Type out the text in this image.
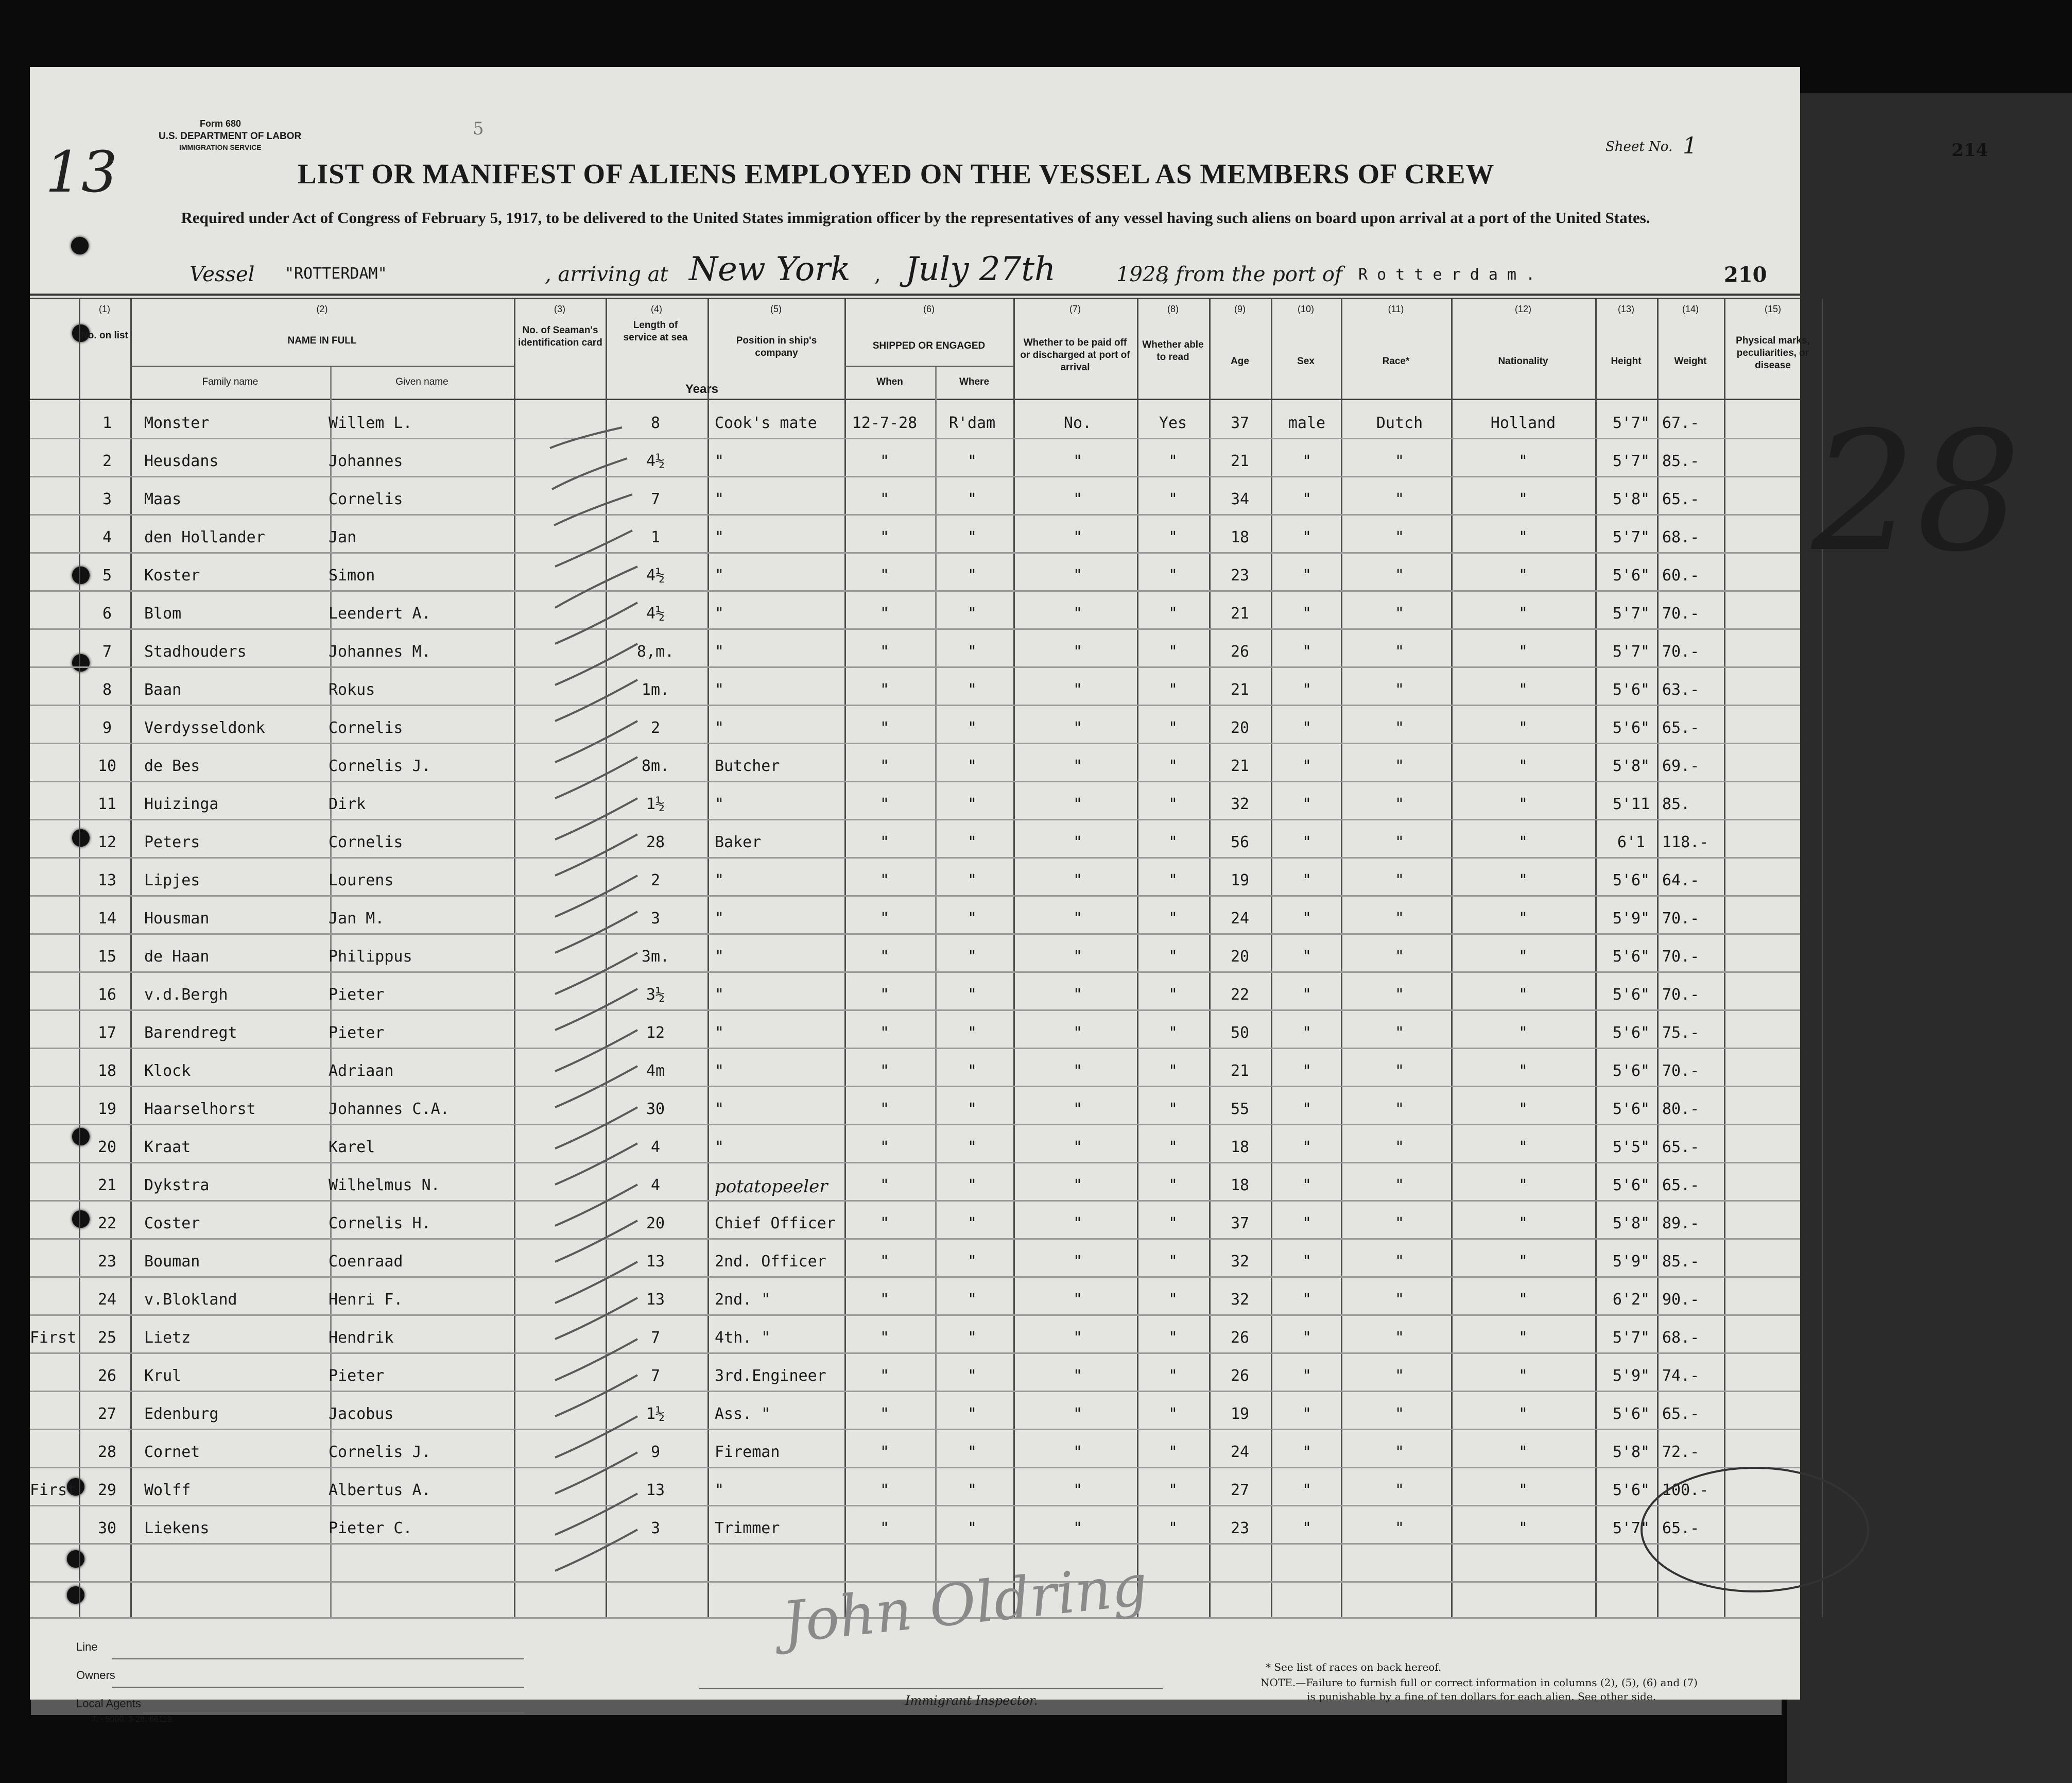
13
5
Form 680
U.S. DEPARTMENT OF LABOR
IMMIGRATION SERVICE	Sheet No. 1	214
LIST OR MANIFEST OF ALIENS EMPLOYED ON THE VESSEL AS MEMBERS OF CREW
Required under Act of Congress of February 5, 1917, to be delivered to the United States immigration officer by the representatives of any vessel having such aliens on board upon arrival at a port of the United States.
Vessel "ROTTERDAM"	, arriving at New York , July 27th	1928
, from the port of R o t t e r d a m .	210
(1)	(2)	(3)	(4)	(5)	(6)	(7)	(8)	(9)	(10)	(11)	(12)	(13)	(14)	(15)
No. on list	NAME IN FULL
Family name	Given name
No. of Seaman's identification card
Length of service at sea
Years
Position in ship's company
SHIPPED OR ENGAGED
When	Where
Whether to be paid off or discharged at port of arrival
Whether able to read	Age	Sex	Race*	Nationality	Height	Weight
Physical marks, peculiarities, or disease
1	Monster	Willem L.	8	Cook's mate 12-7-28	R'dam	No.	Yes	37	male	Dutch	Holland	5'7" 67.-
2	Heusdans	Johannes	4½	"	"	"	"	"	21	"	"	"	5'7" 85.-
3	Maas	Cornelis	7	"	"	"	"	"	34	"	"	"	5'8" 65.-
4	den Hollander	Jan	1	"	"	"	"	"	18	"	"	"	5'7" 68.-
5	Koster	Simon	4½	"	"	"	"	"	23	"	"	"	5'6" 60.-
6	Blom	Leendert A.	4½	"	"	"	"	"	21	"	"	"	5'7" 70.-
7	Stadhouders	Johannes M.	8,m.	"	"	"	"	"	26	"	"	"	5'7" 70.-
8	Baan	Rokus	1m.	"	"	"	"	"	21	"	"	"	5'6" 63.-
9	Verdysseldonk	Cornelis	2	"	"	"	"	"	20	"	"	"	5'6" 65.-
10	de Bes	Cornelis J.	8m.	Butcher	"	"	"	"	21	"	"	"	5'8" 69.-
11	Huizinga	Dirk	1½	"	"	"	"	"	32	"	"	"	5'11 85.
12	Peters	Cornelis	28	Baker	"	"	"	"	56	"	"	"	6'1	118.-
13	Lipjes	Lourens	2	"	"	"	"	"	19	"	"	"	5'6" 64.-
14	Housman	Jan M.	3	"	"	"	"	"	24	"	"	"	5'9" 70.-
15	de Haan	Philippus	3m.	"	"	"	"	"	20	"	"	"	5'6" 70.-
16	v.d.Bergh	Pieter	3½	"	"	"	"	"	22	"	"	"	5'6" 70.-
17	Barendregt	Pieter	12	"	"	"	"	"	50	"	"	"	5'6" 75.-
18	Klock	Adriaan	4m	"	"	"	"	"	21	"	"	"	5'6" 70.-
19	Haarselhorst	Johannes C.A.	30	"	"	"	"	"	55	"	"	"	5'6" 80.-
20	Kraat	Karel	4	"	"	"	"	"	18	"	"	"	5'5" 65.-
21	Dykstra	Wilhelmus N.	4	potatopeeler	"	"	"	"	18	"	"	"	5'6" 65.-
22	Coster	Cornelis H.	20	Chief Officer	"	"	"	"	37	"	"	"	5'8" 89.-
23	Bouman	Coenraad	13	2nd. Officer	"	"	"	"	32	"	"	"	5'9" 85.-
24	v.Blokland	Henri F.	13	2nd. "	"	"	"	"	32	"	"	"	6'2" 90.-
25	Lietz	Hendrik	7	4th. "	"	"	"	"	26	"	"	"	5'7" 68.-
First
26	Krul	Pieter	7	3rd.Engineer	"	"	"	"	26	"	"	"	5'9" 74.-
27	Edenburg	Jacobus	1½	Ass. "	"	"	"	"	19	"	"	"	5'6" 65.-
28	Cornet	Cornelis J.	9	Fireman	"	"	"	"	24	"	"	"	5'8" 72.-
29	Wolff	Albertus A.	13	"	"	"	"	"	27	"	"	"	5'6" 100.-
First
30	Liekens	Pieter C.	3	Trimmer	"	"	"	"	23	"	"	"	5'7" 65.-
28
Line
Owners
Local Agents
T. - 5000. 3-28. 66119.
John Oldring
Immigrant Inspector.
* See list of races on back hereof.
NOTE.—Failure to furnish full or correct information in columns (2), (5), (6) and (7)
is punishable by a fine of ten dollars for each alien. See other side.
